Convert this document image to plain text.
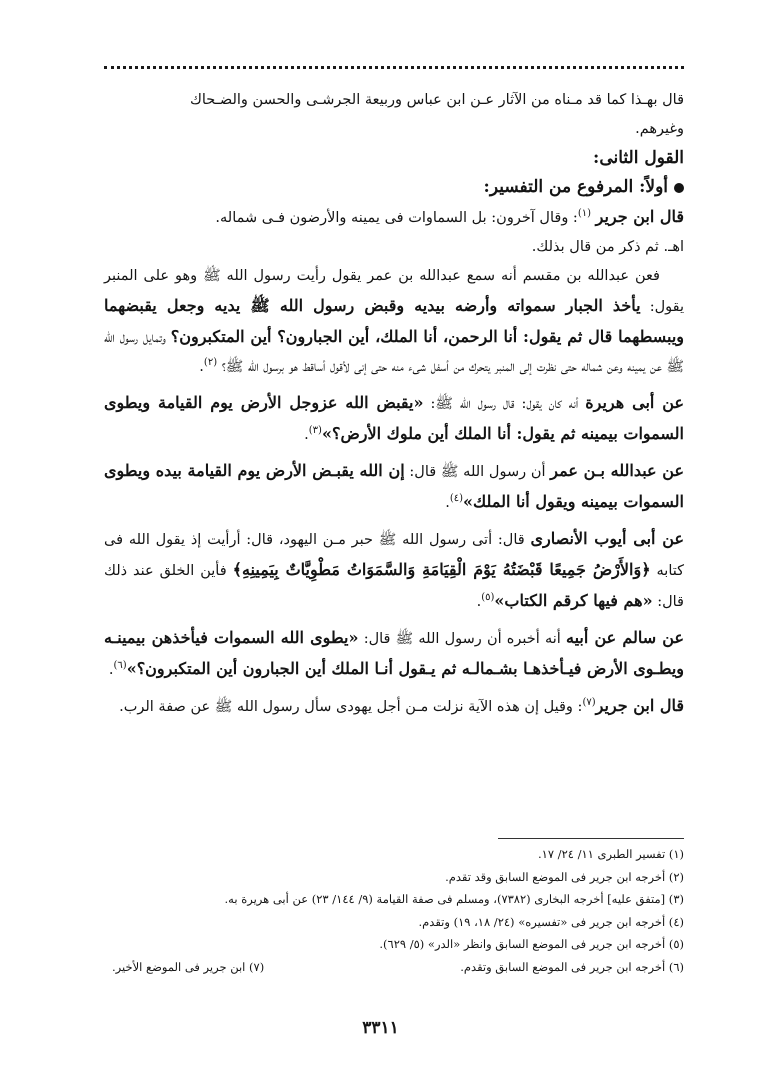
قال بهـذا كما قد مـناه من الآثار عـن ابن عباس وربيعة الجرشـى والحسن والضـحاك
وغيرهم.

القول الثانى:

أولاً: المرفوع من التفسير:

قال ابن جرير $^{(١)}$: وقال آخرون: بل السماوات فى يمينه والأرضون فـى شماله.
اهـ. ثم ذكر من قال بذلك.

فعن عبدالله بن مقسم أنه سمع عبدالله بن عمر يقول رأيت رسول الله ﷺ وهو على المنبر يقول: يأخذ الجبار سمواته وأرضه بيديه وقبض رسول الله ﷺ يديه وجعل يقبضهما ويبسطهما قال ثم يقول: أنا الرحمن، أنا الملك، أين الجبارون؟ أين المتكبرون؟ وتمايل رسول الله ﷺ عن يمينه وعن شماله حتى نظرت إلى المنبر يتحرك من أسفل شىء منه حتى إنى لأقول أساقط هو برسول الله ﷺ؟ $^{(٢)}$.

عن أبى هريرة أنه كان يقول: قال رسول الله ﷺ: «يقبض الله عزوجل الأرض يوم القيامة ويطوى السموات بيمينه ثم يقول: أنا الملك أين ملوك الأرض؟»$^{(٣)}$.

عن عبدالله بـن عمر أن رسول الله ﷺ قال: إن الله يقبـض الأرض يوم القيامة بيده ويطوى السموات بيمينه ويقول أنا الملك»$^{(٤)}$.

عن أبى أيوب الأنصارى قال: أتى رسول الله ﷺ حبر مـن اليهود، قال: أرأيت إذ يقول الله فى كتابه ﴿وَالأَرْضُ جَمِيعًا قَبْضَتُهُ يَوْمَ الْقِيَامَةِ وَالسَّمَوَاتُ مَطْوِيَّاتٌ بِيَمِينِهِ﴾ فأين الخلق عند ذلك قال: «هم فيها كرقم الكتاب»$^{(٥)}$.

عن سالم عن أبيه أنه أخبره أن رسول الله ﷺ قال: «يطوى الله السموات فيأخذهن بيمينـه ويطـوى الأرض فيـأخذهـا بشـمالـه ثم يـقول أنـا الملك أين الجبارون أين المتكبرون؟»$^{(٦)}$.

قال ابن جرير$^{(٧)}$: وقيل إن هذه الآية نزلت مـن أجل يهودى سأل رسول الله ﷺ عن صفة الرب.

(١) تفسير الطبرى ١١/ ٢٤/ ١٧.
(٢) أخرجه ابن جرير فى الموضع السابق وقد تقدم.
(٣) [متفق عليه] أخرجه البخارى (٧٣٨٢)، ومسلم فى صفة القيامة (٩/ ١٤٤/ ٢٣) عن أبى هريرة به.
(٤) أخرجه ابن جرير فى «تفسيره» (٢٤/ ١٨، ١٩) وتقدم.
(٥) أخرجه ابن جرير فى الموضع السابق وانظر «الدر» (٥/ ٦٢٩).
(٦) أخرجه ابن جرير فى الموضع السابق وتقدم.
(٧) ابن جرير فى الموضع الأخير.
٣٣١١
